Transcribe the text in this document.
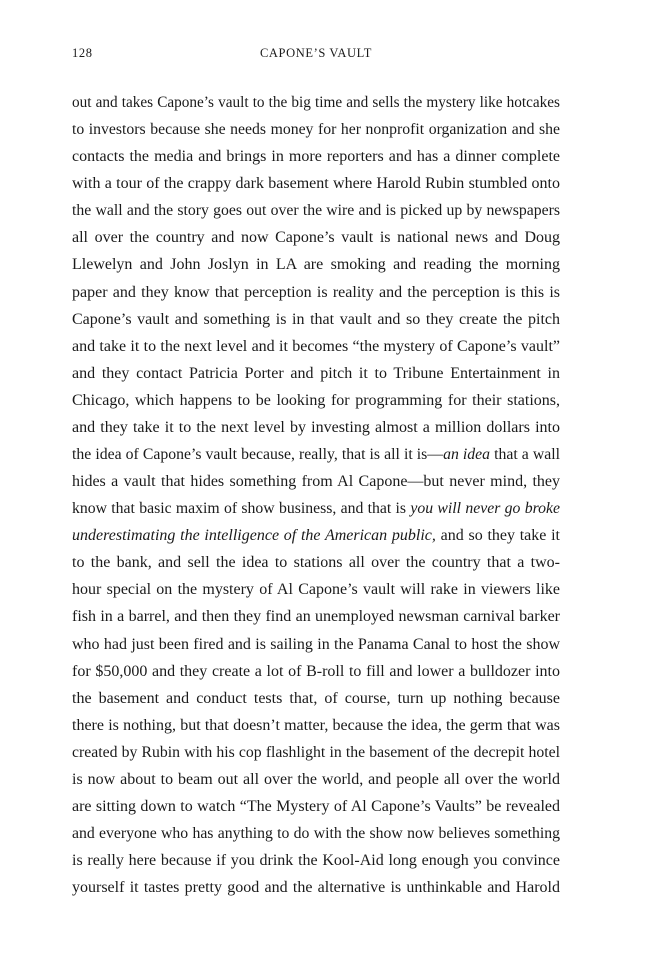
128	CAPONE’S VAULT
out and takes Capone’s vault to the big time and sells the mystery like hotcakes
to investors because she needs money for her nonprofit organization and she
contacts the media and brings in more reporters and has a dinner complete
with a tour of the crappy dark basement where Harold Rubin stumbled onto
the wall and the story goes out over the wire and is picked up by newspapers
all over the country and now Capone’s vault is national news and Doug
Llewelyn and John Joslyn in LA are smoking and reading the morning
paper and they know that perception is reality and the perception is this is
Capone’s vault and something is in that vault and so they create the pitch
and take it to the next level and it becomes “the mystery of Capone’s vault”
and they contact Patricia Porter and pitch it to Tribune Entertainment in
Chicago, which happens to be looking for programming for their stations,
and they take it to the next level by investing almost a million dollars into
the idea of Capone’s vault because, really, that is all it is—an idea that a wall
hides a vault that hides something from Al Capone—but never mind, they
know that basic maxim of show business, and that is you will never go broke
underestimating the intelligence of the American public, and so they take it
to the bank, and sell the idea to stations all over the country that a two-
hour special on the mystery of Al Capone’s vault will rake in viewers like
fish in a barrel, and then they find an unemployed newsman carnival barker
who had just been fired and is sailing in the Panama Canal to host the show
for $50,000 and they create a lot of B-roll to fill and lower a bulldozer into
the basement and conduct tests that, of course, turn up nothing because
there is nothing, but that doesn’t matter, because the idea, the germ that was
created by Rubin with his cop flashlight in the basement of the decrepit hotel
is now about to beam out all over the world, and people all over the world
are sitting down to watch “The Mystery of Al Capone’s Vaults” be revealed
and everyone who has anything to do with the show now believes something
is really here because if you drink the Kool-Aid long enough you convince
yourself it tastes pretty good and the alternative is unthinkable and Harold
